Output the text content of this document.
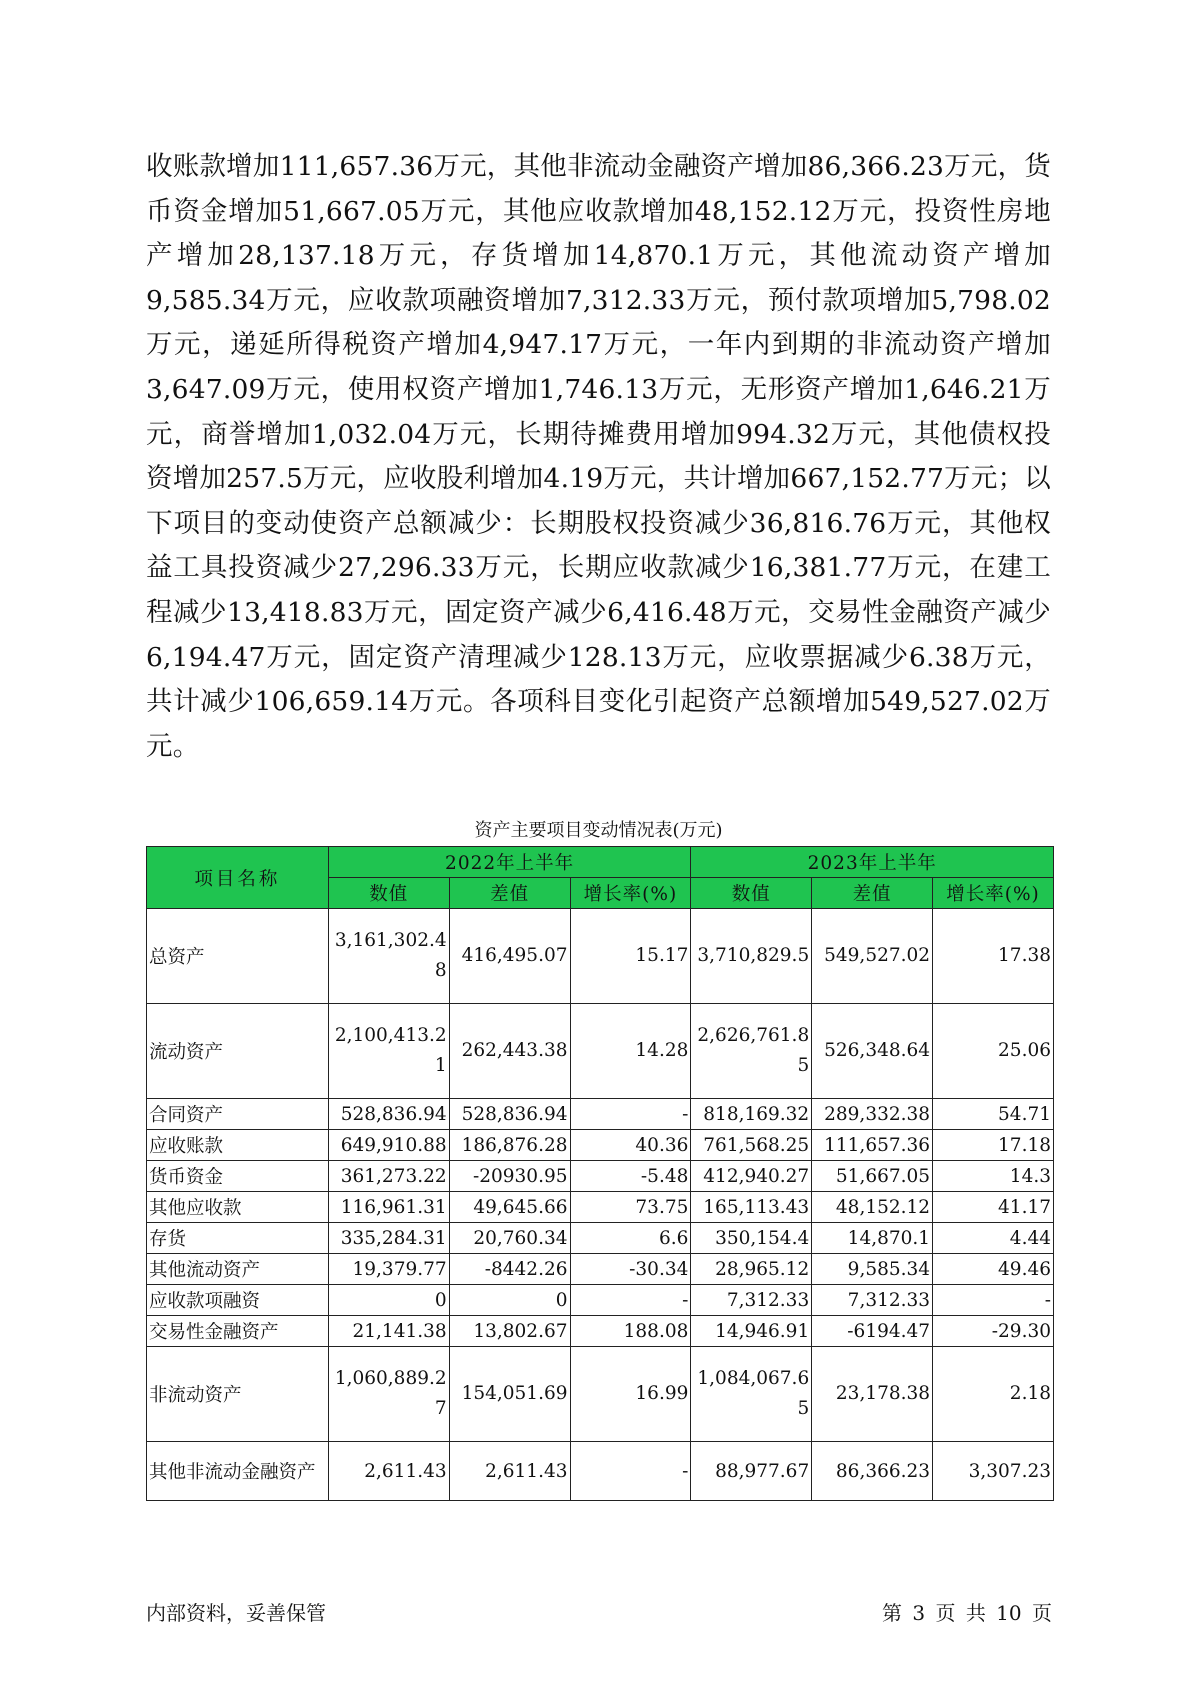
收账款增加111,657.36万元，其他非流动金融资产增加86,366.23万元，货币资金增加51,667.05万元，其他应收款增加48,152.12万元，投资性房地产增加28,137.18万元，存货增加14,870.1万元，其他流动资产增加9,585.34万元，应收款项融资增加7,312.33万元，预付款项增加5,798.02万元，递延所得税资产增加4,947.17万元，一年内到期的非流动资产增加3,647.09万元，使用权资产增加1,746.13万元，无形资产增加1,646.21万元，商誉增加1,032.04万元，长期待摊费用增加994.32万元，其他债权投资增加257.5万元，应收股利增加4.19万元，共计增加667,152.77万元；以下项目的变动使资产总额减少：长期股权投资减少36,816.76万元，其他权益工具投资减少27,296.33万元，长期应收款减少16,381.77万元，在建工程减少13,418.83万元，固定资产减少6,416.48万元，交易性金融资产减少6,194.47万元，固定资产清理减少128.13万元，应收票据减少6.38万元，共计减少106,659.14万元。各项科目变化引起资产总额增加549,527.02万元。

资产主要项目变动情况表(万元)
项目名称	2022年上半年			2023年上半年		
	数值	差值	增长率(%)	数值	差值	增长率(%)
总资产	3,161,302.48	416,495.07	15.17	3,710,829.5	549,527.02	17.38
流动资产	2,100,413.21	262,443.38	14.28	2,626,761.85	526,348.64	25.06
合同资产	528,836.94	528,836.94	-	818,169.32	289,332.38	54.71
应收账款	649,910.88	186,876.28	40.36	761,568.25	111,657.36	17.18
货币资金	361,273.22	-20930.95	-5.48	412,940.27	51,667.05	14.3
其他应收款	116,961.31	49,645.66	73.75	165,113.43	48,152.12	41.17
存货	335,284.31	20,760.34	6.6	350,154.4	14,870.1	4.44
其他流动资产	19,379.77	-8442.26	-30.34	28,965.12	9,585.34	49.46
应收款项融资	0	0	-	7,312.33	7,312.33	-
交易性金融资产	21,141.38	13,802.67	188.08	14,946.91	-6194.47	-29.30
非流动资产	1,060,889.27	154,051.69	16.99	1,084,067.65	23,178.38	2.18
其他非流动金融资产	2,611.43	2,611.43	-	88,977.67	86,366.23	3,307.23
内部资料，妥善保管	第 3 页 共 10 页
